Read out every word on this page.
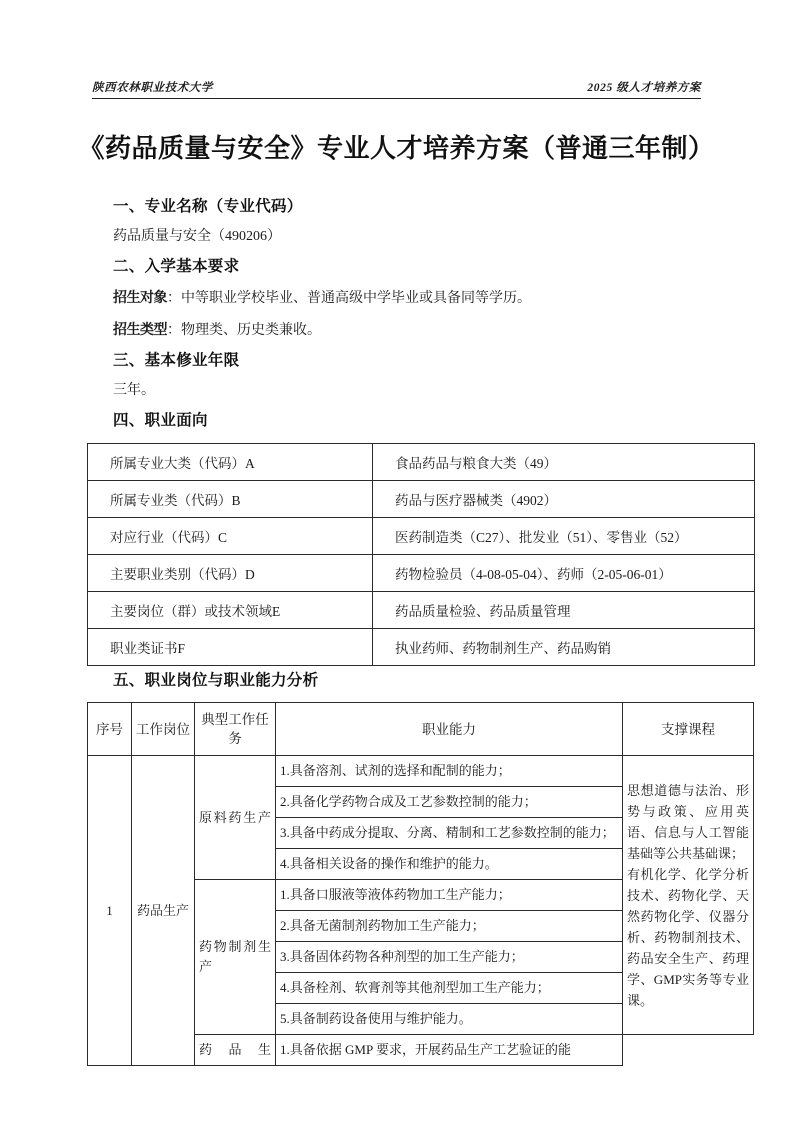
陕西农林职业技术大学	2025 级人才培养方案
《药品质量与安全》专业人才培养方案（普通三年制）
一、专业名称（专业代码）

药品质量与安全（490206）

二、入学基本要求

招生对象：中等职业学校毕业、普通高级中学毕业或具备同等学历。

招生类型：物理类、历史类兼收。

三、基本修业年限

三年。

四、职业面向
所属专业大类（代码）A	食品药品与粮食大类（49）
所属专业类（代码）B	药品与医疗器械类（4902）
对应行业（代码）C	医药制造类（C27）、批发业（51）、零售业（52）
主要职业类别（代码）D	药物检验员（4-08-05-04）、药师（2-05-06-01）
主要岗位（群）或技术领域E	药品质量检验、药品质量管理
职业类证书F	执业药师、药物制剂生产、药品购销
五、职业岗位与职业能力分析
序号	工作岗位	典型工作任务	职业能力	支撑课程
1	药品生产	原料药生产	1.具备溶剂、试剂的选择和配制的能力；	思想道德与法治、形势与政策、应用英语、信息与人工智能基础等公共基础课；
有机化学、化学分析技术、药物化学、天然药物化学、仪器分析、药物制剂技术、药品安全生产、药理学、GMP实务等专业课。

			2.具备化学药物合成及工艺参数控制的能力；	
			3.具备中药成分提取、分离、精制和工艺参数控制的能力；	
			4.具备相关设备的操作和维护的能力。	
		药物制剂生产	1.具备口服液等液体药物加工生产能力；	
			2.具备无菌制剂药物加工生产能力；	
			3.具备固体药物各种剂型的加工生产能力；	
			4.具备栓剂、软膏剂等其他剂型加工生产能力；	
			5.具备制药设备使用与维护能力。	
		药品生	1.具备依据 GMP 要求，开展药品生产工艺验证的能	
